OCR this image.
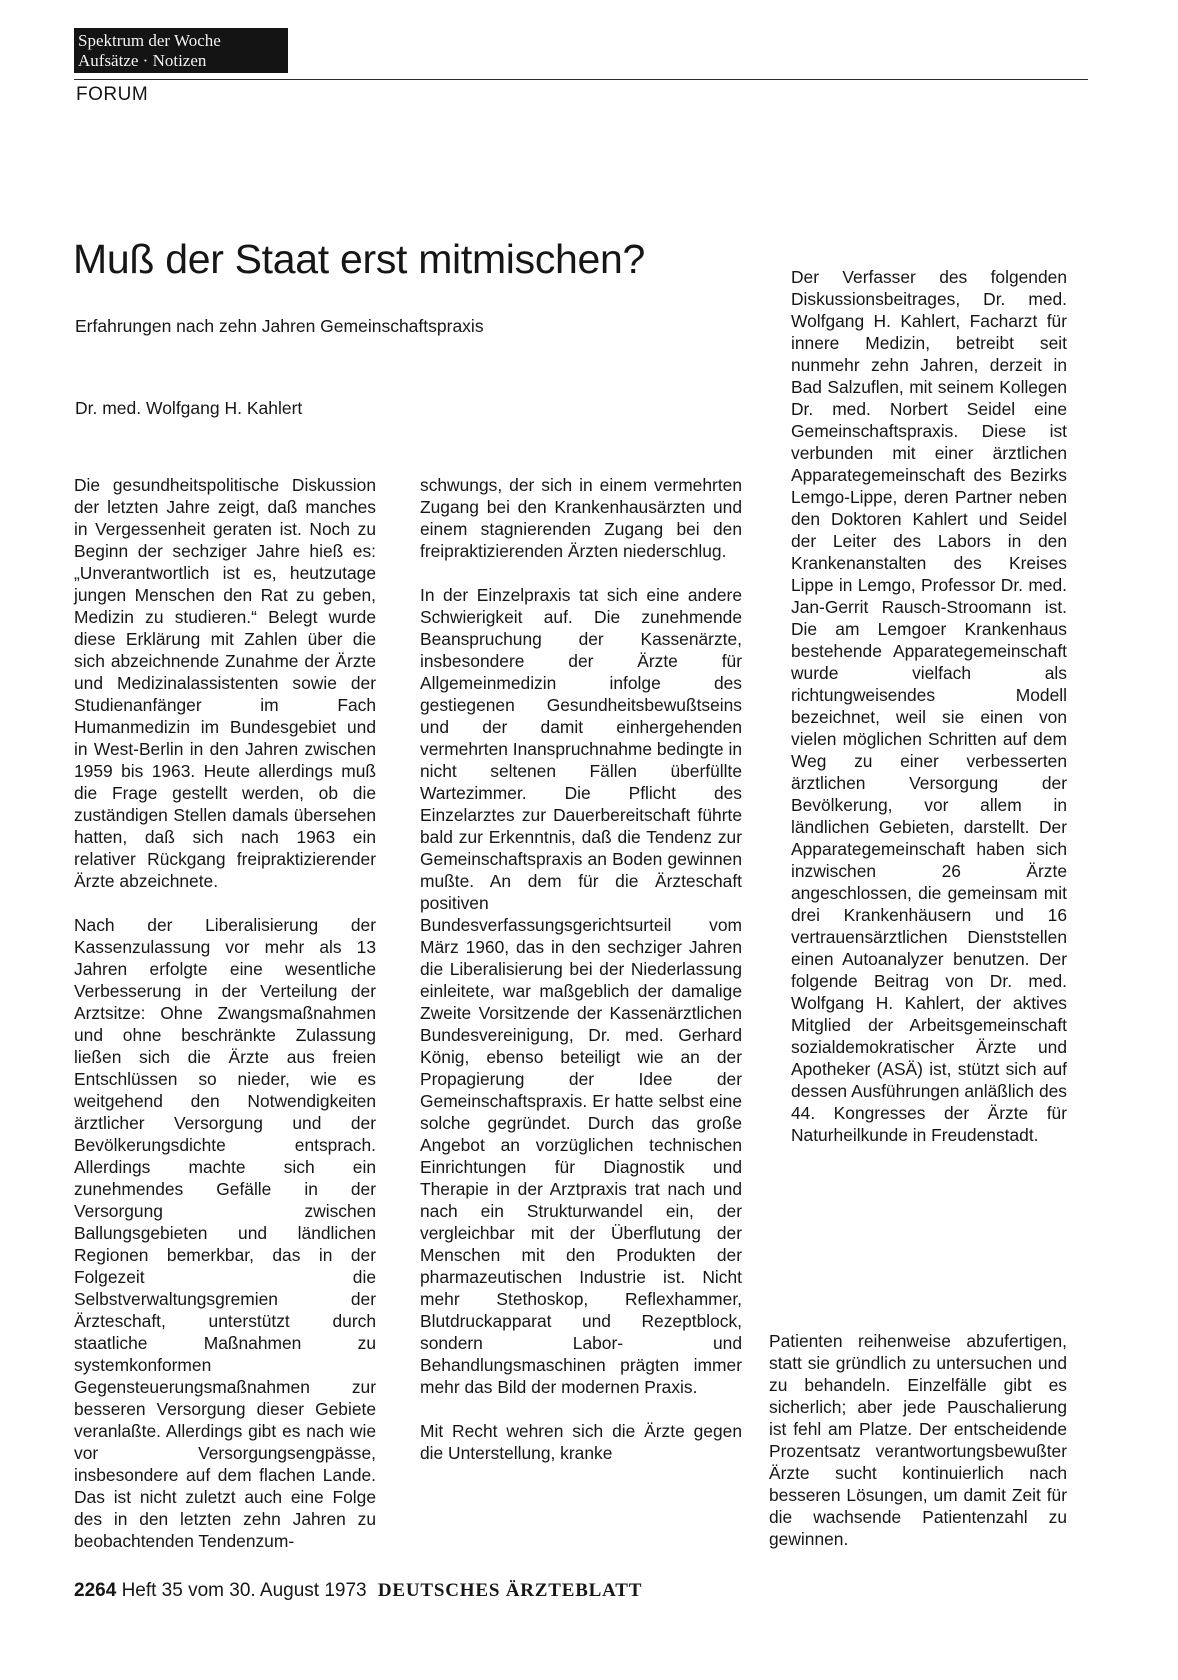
Spektrum der Woche
Aufsätze · Notizen
FORUM
Muß der Staat erst mitmischen?
Erfahrungen nach zehn Jahren Gemeinschaftspraxis
Dr. med. Wolfgang H. Kahlert

Die gesundheitspolitische Diskussion der letzten Jahre zeigt, daß manches in Vergessenheit geraten ist. Noch zu Beginn der sechziger Jahre hieß es: „Unverantwortlich ist es, heutzutage jungen Menschen den Rat zu geben, Medizin zu studieren.“ Belegt wurde diese Erklärung mit Zahlen über die sich abzeichnende Zunahme der Ärzte und Medizinalassistenten sowie der Studienanfänger im Fach Humanmedizin im Bundesgebiet und in West-Berlin in den Jahren zwischen 1959 bis 1963. Heute allerdings muß die Frage gestellt werden, ob die zuständigen Stellen damals übersehen hatten, daß sich nach 1963 ein relativer Rückgang freipraktizierender Ärzte abzeichnete.

Nach der Liberalisierung der Kassenzulassung vor mehr als 13 Jahren erfolgte eine wesentliche Verbesserung in der Verteilung der Arztsitze: Ohne Zwangsmaßnahmen und ohne beschränkte Zulassung ließen sich die Ärzte aus freien Entschlüssen so nieder, wie es weitgehend den Notwendigkeiten ärztlicher Versorgung und der Bevölkerungsdichte entsprach. Allerdings machte sich ein zunehmendes Gefälle in der Versorgung zwischen Ballungsgebieten und ländlichen Regionen bemerkbar, das in der Folgezeit die Selbstverwaltungsgremien der Ärzteschaft, unterstützt durch staatliche Maßnahmen zu systemkonformen Gegensteuerungsmaßnahmen zur besseren Versorgung dieser Gebiete veranlaßte. Allerdings gibt es nach wie vor Versorgungsengpässe, insbesondere auf dem flachen Lande. Das ist nicht zuletzt auch eine Folge des in den letzten zehn Jahren zu beobachtenden Tendenzum-

schwungs, der sich in einem vermehrten Zugang bei den Krankenhausärzten und einem stagnierenden Zugang bei den freipraktizierenden Ärzten niederschlug.

In der Einzelpraxis tat sich eine andere Schwierigkeit auf. Die zunehmende Beanspruchung der Kassenärzte, insbesondere der Ärzte für Allgemeinmedizin infolge des gestiegenen Gesundheitsbewußtseins und der damit einhergehenden vermehrten Inanspruchnahme bedingte in nicht seltenen Fällen überfüllte Wartezimmer. Die Pflicht des Einzelarztes zur Dauerbereitschaft führte bald zur Erkenntnis, daß die Tendenz zur Gemeinschaftspraxis an Boden gewinnen mußte. An dem für die Ärzteschaft positiven Bundesverfassungsgerichtsurteil vom März 1960, das in den sechziger Jahren die Liberalisierung bei der Niederlassung einleitete, war maßgeblich der damalige Zweite Vorsitzende der Kassenärztlichen Bundesvereinigung, Dr. med. Gerhard König, ebenso beteiligt wie an der Propagierung der Idee der Gemeinschaftspraxis. Er hatte selbst eine solche gegründet. Durch das große Angebot an vorzüglichen technischen Einrichtungen für Diagnostik und Therapie in der Arztpraxis trat nach und nach ein Strukturwandel ein, der vergleichbar mit der Überflutung der Menschen mit den Produkten der pharmazeutischen Industrie ist. Nicht mehr Stethoskop, Reflexhammer, Blutdruckapparat und Rezeptblock, sondern Labor- und Behandlungsmaschinen prägten immer mehr das Bild der modernen Praxis.

Mit Recht wehren sich die Ärzte gegen die Unterstellung, kranke

Der Verfasser des folgenden Diskussionsbeitrages, Dr. med. Wolfgang H. Kahlert, Facharzt für innere Medizin, betreibt seit nunmehr zehn Jahren, derzeit in Bad Salzuflen, mit seinem Kollegen Dr. med. Norbert Seidel eine Gemeinschaftspraxis. Diese ist verbunden mit einer ärztlichen Apparategemeinschaft des Bezirks Lemgo-Lippe, deren Partner neben den Doktoren Kahlert und Seidel der Leiter des Labors in den Krankenanstalten des Kreises Lippe in Lemgo, Professor Dr. med. Jan-Gerrit Rausch-Stroomann ist. Die am Lemgoer Krankenhaus bestehende Apparategemeinschaft wurde vielfach als richtungweisendes Modell bezeichnet, weil sie einen von vielen möglichen Schritten auf dem Weg zu einer verbesserten ärztlichen Versorgung der Bevölkerung, vor allem in ländlichen Gebieten, darstellt. Der Apparategemeinschaft haben sich inzwischen 26 Ärzte angeschlossen, die gemeinsam mit drei Krankenhäusern und 16 vertrauensärztlichen Dienststellen einen Autoanalyzer benutzen. Der folgende Beitrag von Dr. med. Wolfgang H. Kahlert, der aktives Mitglied der Arbeitsgemeinschaft sozialdemokratischer Ärzte und Apotheker (ASÄ) ist, stützt sich auf dessen Ausführungen anläßlich des 44. Kongresses der Ärzte für Naturheilkunde in Freudenstadt.

Patienten reihenweise abzufertigen, statt sie gründlich zu untersuchen und zu behandeln. Einzelfälle gibt es sicherlich; aber jede Pauschalierung ist fehl am Platze. Der entscheidende Prozentsatz verantwortungsbewußter Ärzte sucht kontinuierlich nach besseren Lösungen, um damit Zeit für die wachsende Patientenzahl zu gewinnen.

2264 Heft 35 vom 30. August 1973 DEUTSCHES ÄRZTEBLATT
